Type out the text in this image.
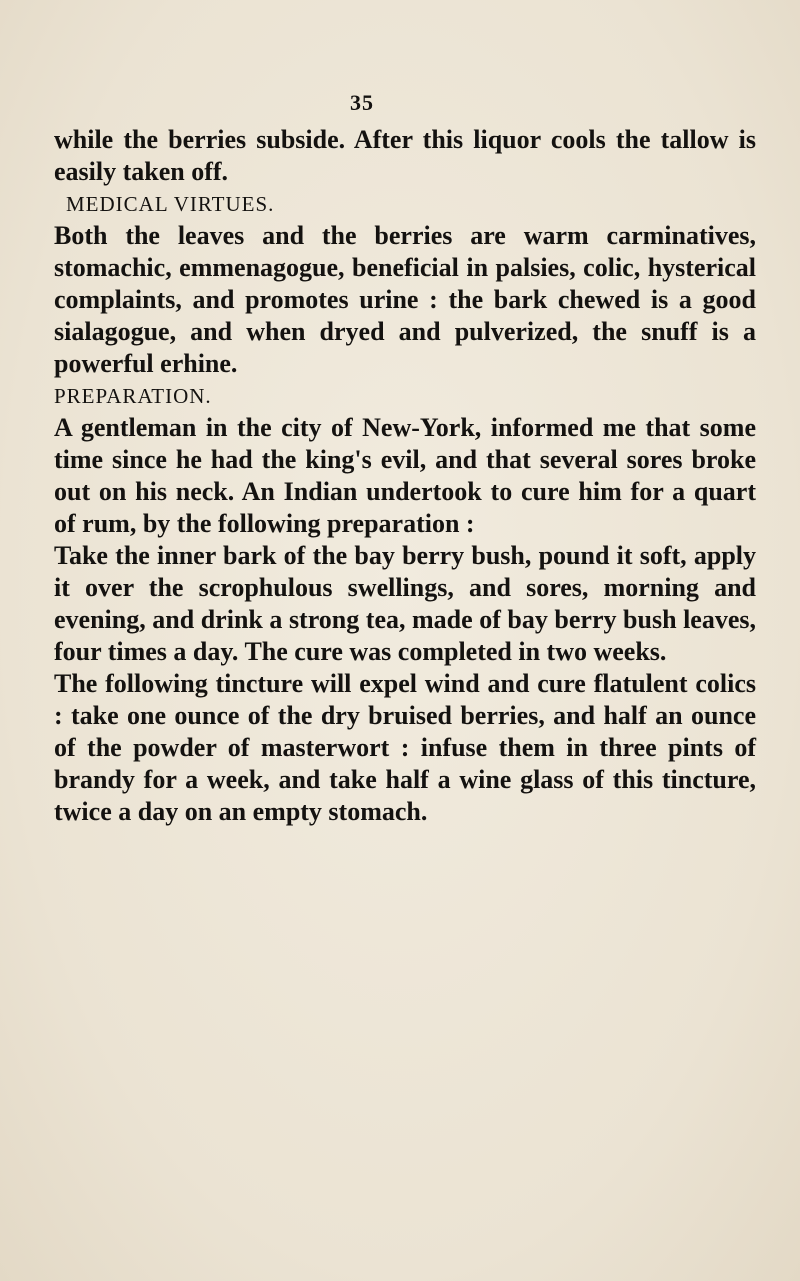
35

while the berries subside. After this liquor cools the tallow is easily taken off.

MEDICAL VIRTUES.

Both the leaves and the berries are warm carminatives, stomachic, emmenagogue, beneficial in palsies, colic, hysterical complaints, and promotes urine : the bark chewed is a good sialagogue, and when dryed and pulverized, the snuff is a powerful erhine.

PREPARATION.

A gentleman in the city of New-York, informed me that some time since he had the king's evil, and that several sores broke out on his neck. An Indian undertook to cure him for a quart of rum, by the following preparation :

Take the inner bark of the bay berry bush, pound it soft, apply it over the scrophulous swellings, and sores, morning and evening, and drink a strong tea, made of bay berry bush leaves, four times a day. The cure was completed in two weeks.

The following tincture will expel wind and cure flatulent colics : take one ounce of the dry bruised berries, and half an ounce of the powder of masterwort : infuse them in three pints of brandy for a week, and take half a wine glass of this tincture, twice a day on an empty stomach.
